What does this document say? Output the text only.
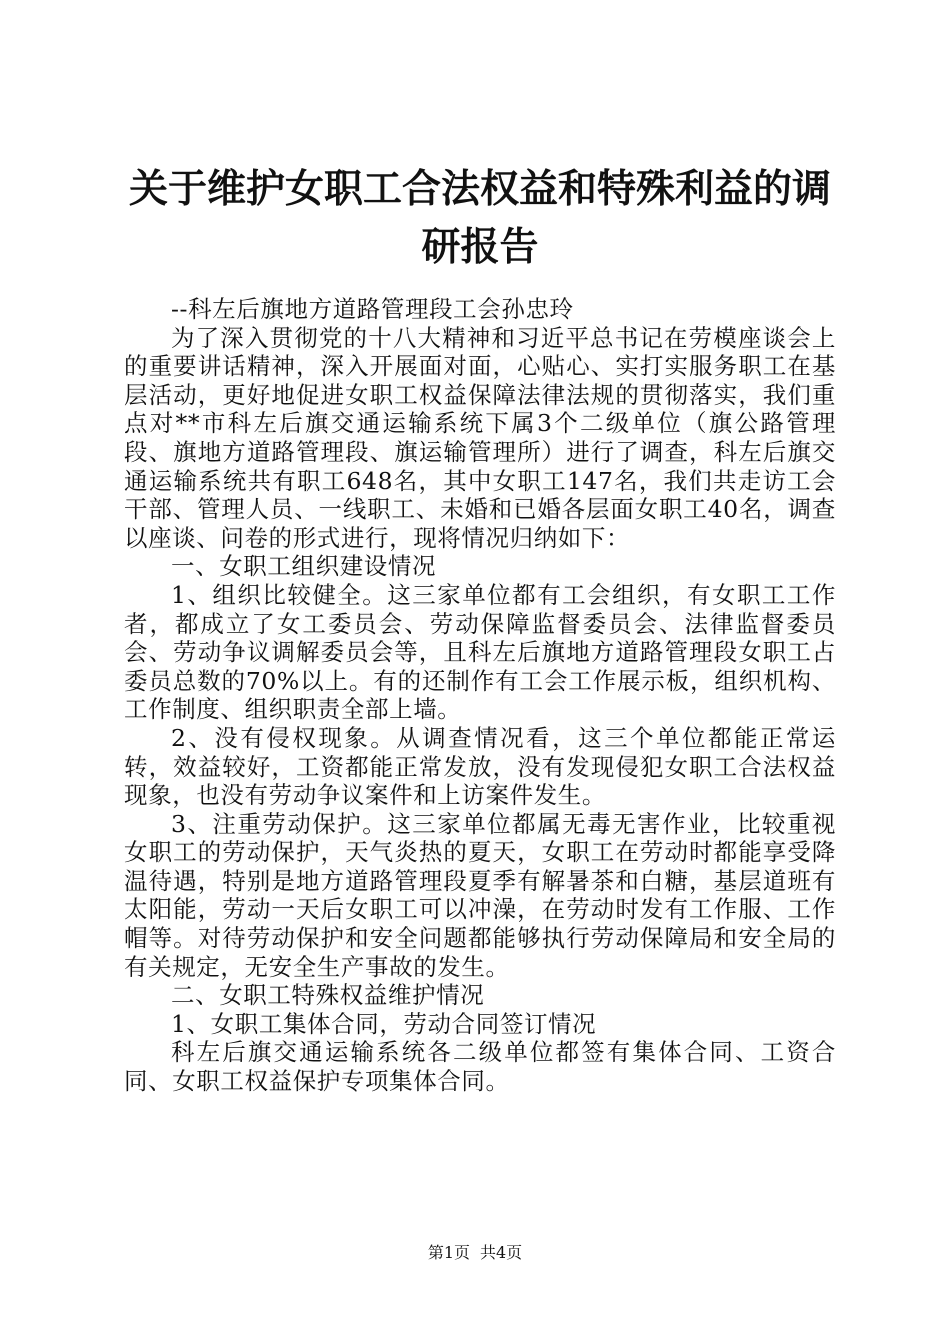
关于维护女职工合法权益和特殊利益的调研报告

--科左后旗地方道路管理段工会孙忠玲

为了深入贯彻党的十八大精神和习近平总书记在劳模座谈会上的重要讲话精神，深入开展面对面，心贴心、实打实服务职工在基层活动，更好地促进女职工权益保障法律法规的贯彻落实，我们重点对**市科左后旗交通运输系统下属3个二级单位（旗公路管理段、旗地方道路管理段、旗运输管理所）进行了调查，科左后旗交通运输系统共有职工648名，其中女职工147名，我们共走访工会干部、管理人员、一线职工、未婚和已婚各层面女职工40名，调查以座谈、问卷的形式进行，现将情况归纳如下：

一、女职工组织建设情况

1、组织比较健全。这三家单位都有工会组织，有女职工工作者，都成立了女工委员会、劳动保障监督委员会、法律监督委员会、劳动争议调解委员会等，且科左后旗地方道路管理段女职工占委员总数的70%以上。有的还制作有工会工作展示板，组织机构、工作制度、组织职责全部上墙。

2、没有侵权现象。从调查情况看，这三个单位都能正常运转，效益较好，工资都能正常发放，没有发现侵犯女职工合法权益现象，也没有劳动争议案件和上访案件发生。

3、注重劳动保护。这三家单位都属无毒无害作业，比较重视女职工的劳动保护，天气炎热的夏天，女职工在劳动时都能享受降温待遇，特别是地方道路管理段夏季有解暑茶和白糖，基层道班有太阳能，劳动一天后女职工可以冲澡，在劳动时发有工作服、工作帽等。对待劳动保护和安全问题都能够执行劳动保障局和安全局的有关规定，无安全生产事故的发生。

二、女职工特殊权益维护情况

1、女职工集体合同，劳动合同签订情况

科左后旗交通运输系统各二级单位都签有集体合同、工资合同、女职工权益保护专项集体合同。

第1页 共4页
